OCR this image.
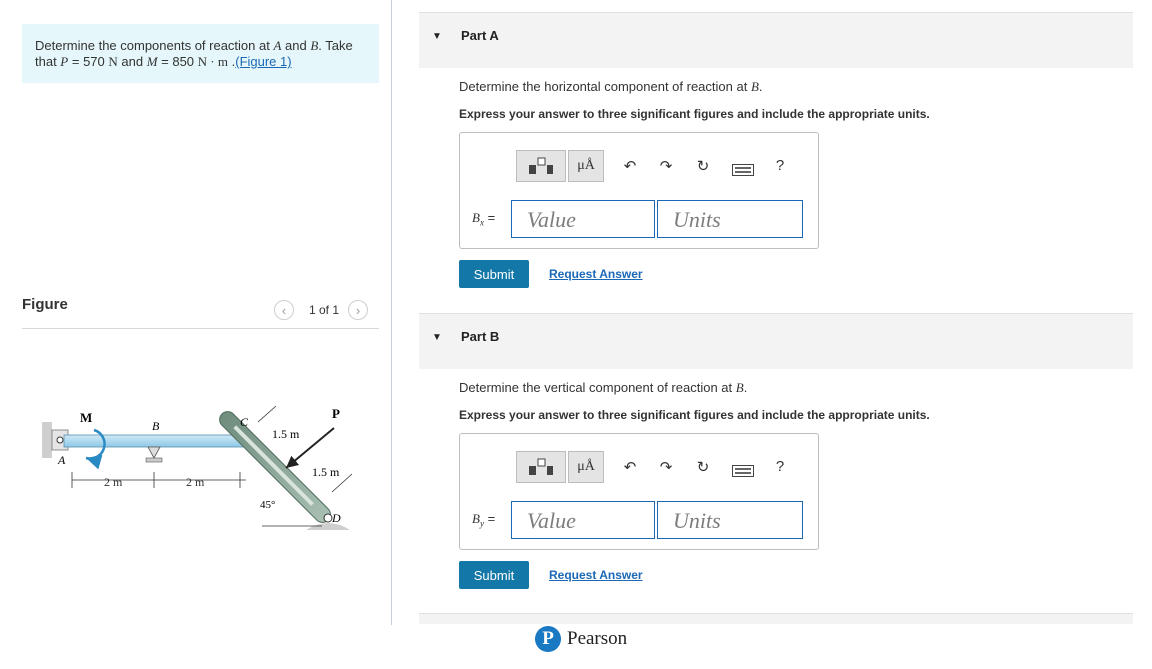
Determine the components of reaction at A and B. Take that P = 570 N and M = 850 N · m .(Figure 1)
Figure	‹	1 of 1	›
M
B	C
A
D
P
1.5 m
1.5 m
2 m	2 m
45°
▼ Part A
Determine the horizontal component of reaction at B.
Express your answer to three significant figures and include the appropriate units.
μÅ ↶ ↷ ↻	?
$B_x$ =	Value	Units
Submit	Request Answer
▼ Part B
Determine the vertical component of reaction at B.
Express your answer to three significant figures and include the appropriate units.
μÅ ↶ ↷ ↻	?
$B_y$ =	Value	Units
Submit	Request Answer
P Pearson
